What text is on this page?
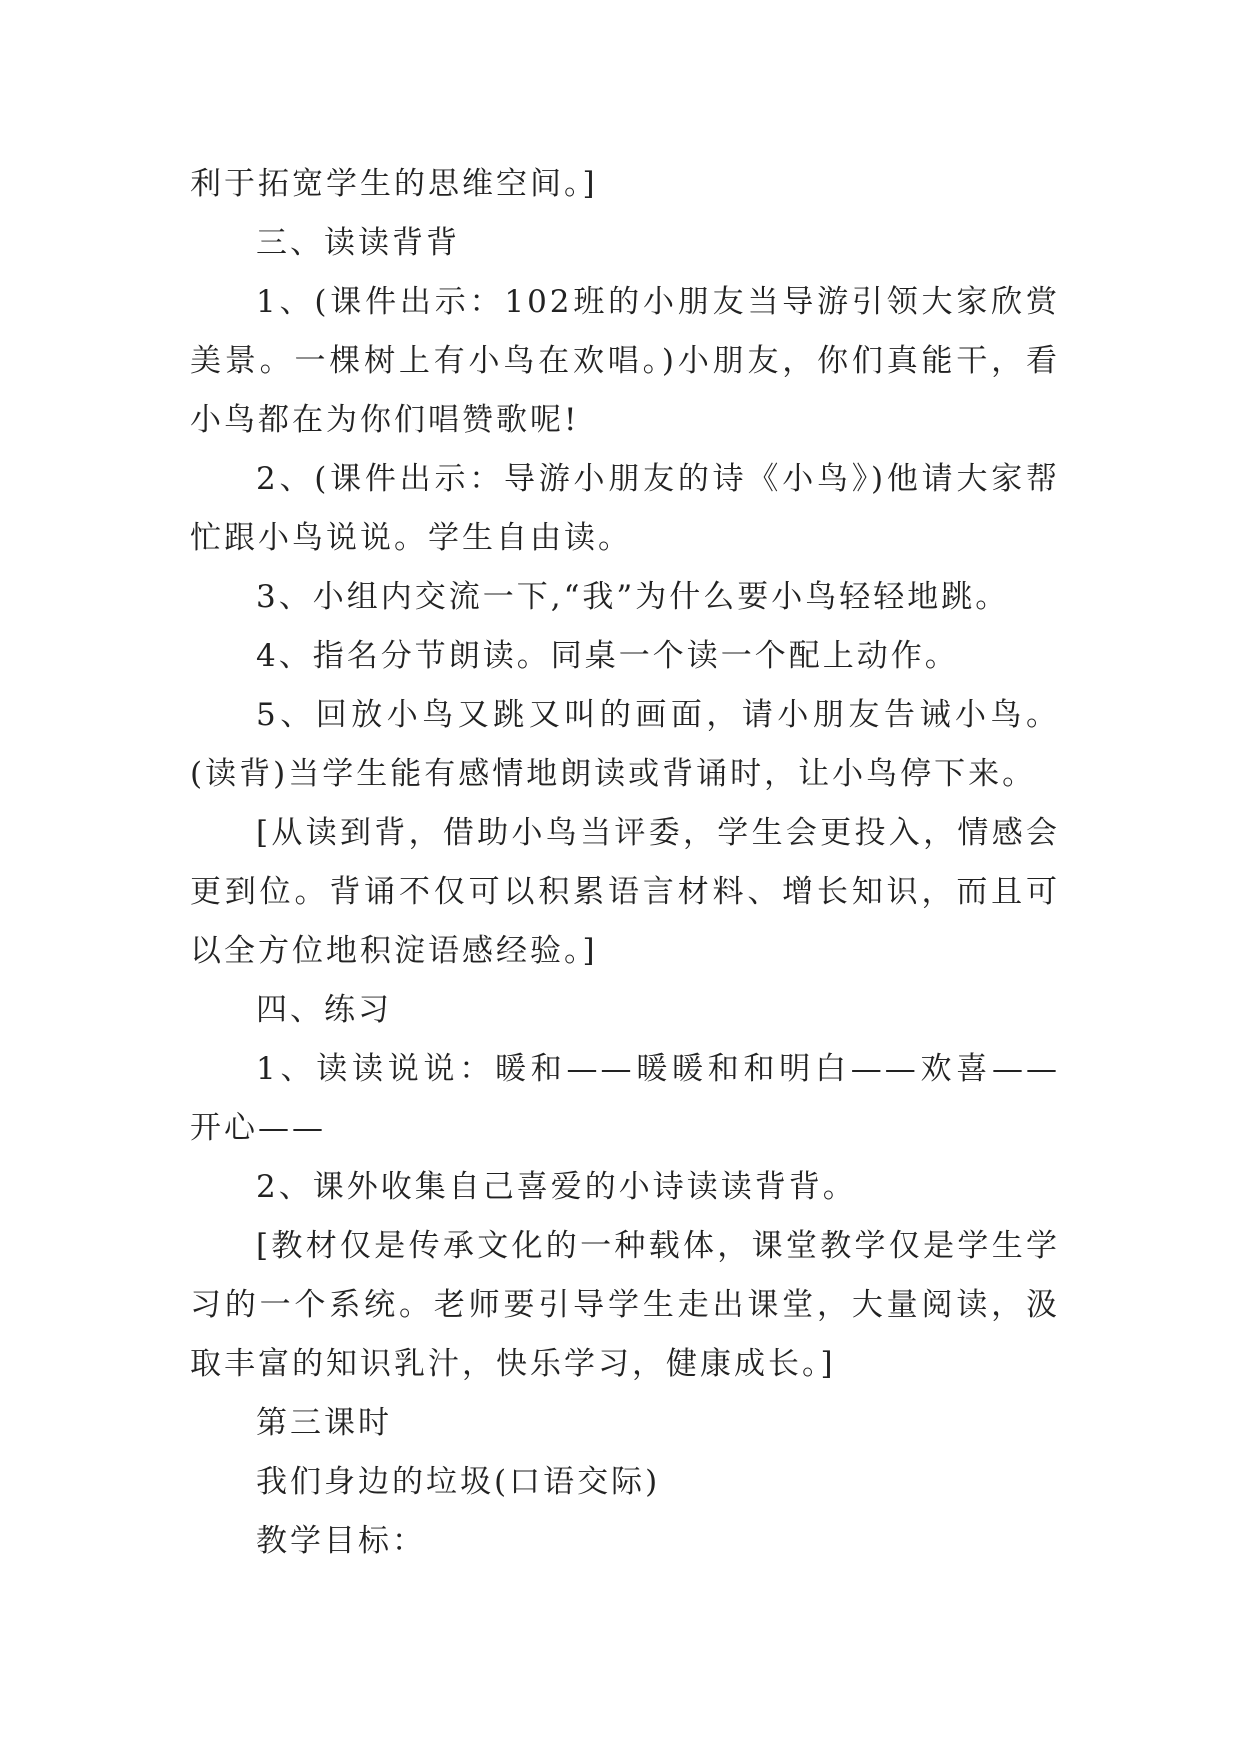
利于拓宽学生的思维空间。]

三、读读背背

1、(课件出示：102班的小朋友当导游引领大家欣赏美景。一棵树上有小鸟在欢唱。)小朋友，你们真能干，看小鸟都在为你们唱赞歌呢!

2、(课件出示：导游小朋友的诗《小鸟》)他请大家帮忙跟小鸟说说。学生自由读。

3、小组内交流一下,“我”为什么要小鸟轻轻地跳。

4、指名分节朗读。同桌一个读一个配上动作。

5、回放小鸟又跳又叫的画面，请小朋友告诫小鸟。(读背)当学生能有感情地朗读或背诵时，让小鸟停下来。

[从读到背，借助小鸟当评委，学生会更投入，情感会更到位。背诵不仅可以积累语言材料、增长知识，而且可以全方位地积淀语感经验。]

四、练习

1、读读说说：暖和——暖暖和和明白——欢喜——开心——

2、课外收集自己喜爱的小诗读读背背。

[教材仅是传承文化的一种载体，课堂教学仅是学生学习的一个系统。老师要引导学生走出课堂，大量阅读，汲取丰富的知识乳汁，快乐学习，健康成长。]

第三课时

我们身边的垃圾(口语交际)

教学目标：
